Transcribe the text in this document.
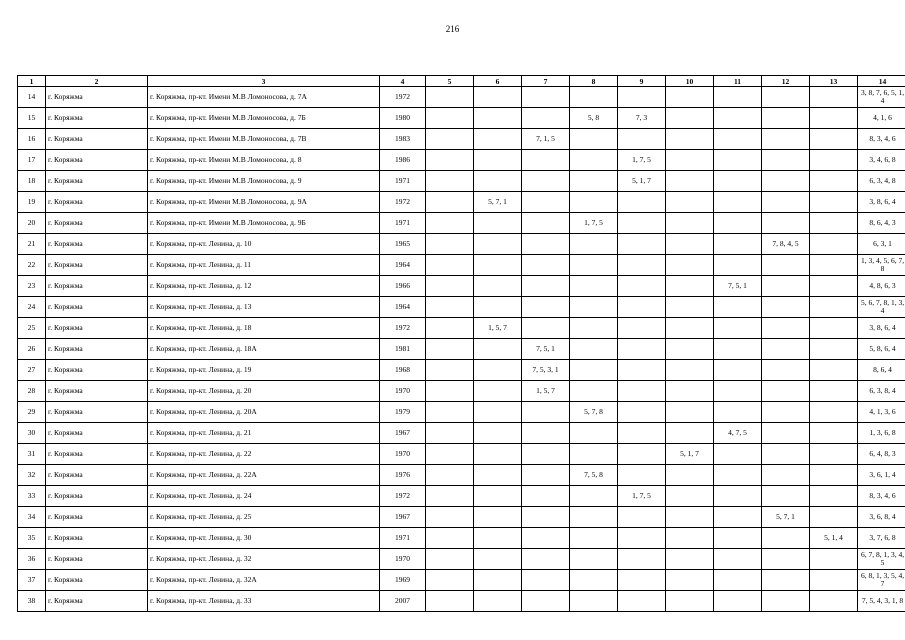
216
1	2	3	4	5	6	7	8	9	10	11	12	13	14
14	г. Коряжма	г. Коряжма, пр-кт. Имени М.В Ломоносова, д. 7А	1972										3, 8, 7, 6, 5, 1, 4
15	г. Коряжма	г. Коряжма, пр-кт. Имени М.В Ломоносова, д. 7Б	1980				5, 8	7, 3					4, 1, 6
16	г. Коряжма	г. Коряжма, пр-кт. Имени М.В Ломоносова, д. 7В	1983			7, 1, 5							8, 3, 4, 6
17	г. Коряжма	г. Коряжма, пр-кт. Имени М.В Ломоносова, д. 8	1986					1, 7, 5					3, 4, 6, 8
18	г. Коряжма	г. Коряжма, пр-кт. Имени М.В Ломоносова, д. 9	1971					5, 1, 7					6, 3, 4, 8
19	г. Коряжма	г. Коряжма, пр-кт. Имени М.В Ломоносова, д. 9А	1972		5, 7, 1								3, 8, 6, 4
20	г. Коряжма	г. Коряжма, пр-кт. Имени М.В Ломоносова, д. 9Б	1971				1, 7, 5						8, 6, 4, 3
21	г. Коряжма	г. Коряжма, пр-кт. Ленина, д. 10	1965								7, 8, 4, 5		6, 3, 1
22	г. Коряжма	г. Коряжма, пр-кт. Ленина, д. 11	1964										1, 3, 4, 5, 6, 7, 8
23	г. Коряжма	г. Коряжма, пр-кт. Ленина, д. 12	1966							7, 5, 1			4, 8, 6, 3
24	г. Коряжма	г. Коряжма, пр-кт. Ленина, д. 13	1964										5, 6, 7, 8, 1, 3, 4
25	г. Коряжма	г. Коряжма, пр-кт. Ленина, д. 18	1972		1, 5, 7								3, 8, 6, 4
26	г. Коряжма	г. Коряжма, пр-кт. Ленина, д. 18А	1981			7, 5, 1							5, 8, 6, 4
27	г. Коряжма	г. Коряжма, пр-кт. Ленина, д. 19	1968			7, 5, 3, 1							8, 6, 4
28	г. Коряжма	г. Коряжма, пр-кт. Ленина, д. 20	1970			1, 5, 7							6, 3, 8, 4
29	г. Коряжма	г. Коряжма, пр-кт. Ленина, д. 20А	1979				5, 7, 8						4, 1, 3, 6
30	г. Коряжма	г. Коряжма, пр-кт. Ленина, д. 21	1967							4, 7, 5			1, 3, 6, 8
31	г. Коряжма	г. Коряжма, пр-кт. Ленина, д. 22	1970						5, 1, 7				6, 4, 8, 3
32	г. Коряжма	г. Коряжма, пр-кт. Ленина, д. 22А	1976				7, 5, 8						3, 6, 1, 4
33	г. Коряжма	г. Коряжма, пр-кт. Ленина, д. 24	1972					1, 7, 5					8, 3, 4, 6
34	г. Коряжма	г. Коряжма, пр-кт. Ленина, д. 25	1967								5, 7, 1		3, 6, 8, 4
35	г. Коряжма	г. Коряжма, пр-кт. Ленина, д. 30	1971									5, 1, 4	3, 7, 6, 8
36	г. Коряжма	г. Коряжма, пр-кт. Ленина, д. 32	1970										6, 7, 8, 1, 3, 4, 5
37	г. Коряжма	г. Коряжма, пр-кт. Ленина, д. 32А	1969										6, 8, 1, 3, 5, 4, 7
38	г. Коряжма	г. Коряжма, пр-кт. Ленина, д. 33	2007										7, 5, 4, 3, 1, 8
